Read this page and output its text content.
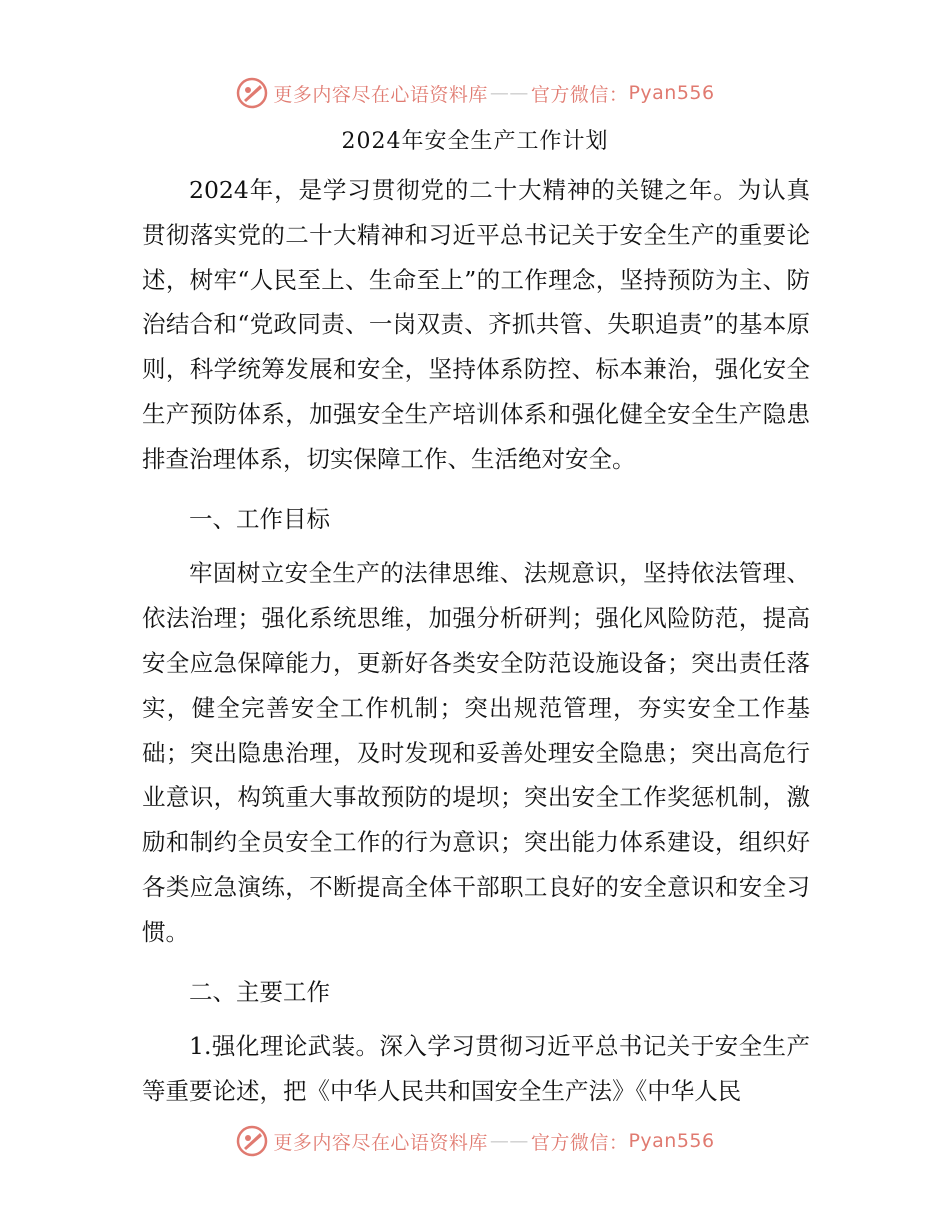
更多内容尽在心语资料库 —— 官方微信： Pyan556
2024年安全生产工作计划

2024年，是学习贯彻党的二十大精神的关键之年。为认真贯彻落实党的二十大精神和习近平总书记关于安全生产的重要论述，树牢“人民至上、生命至上”的工作理念，坚持预防为主、防治结合和“党政同责、一岗双责、齐抓共管、失职追责”的基本原则，科学统筹发展和安全，坚持体系防控、标本兼治，强化安全生产预防体系，加强安全生产培训体系和强化健全安全生产隐患排查治理体系，切实保障工作、生活绝对安全。

一、工作目标

牢固树立安全生产的法律思维、法规意识，坚持依法管理、依法治理；强化系统思维，加强分析研判；强化风险防范，提高安全应急保障能力，更新好各类安全防范设施设备；突出责任落实，健全完善安全工作机制；突出规范管理，夯实安全工作基础；突出隐患治理，及时发现和妥善处理安全隐患；突出高危行业意识，构筑重大事故预防的堤坝；突出安全工作奖惩机制，激励和制约全员安全工作的行为意识；突出能力体系建设，组织好各类应急演练，不断提高全体干部职工良好的安全意识和安全习惯。

二、主要工作

1.强化理论武装。深入学习贯彻习近平总书记关于安全生产等重要论述，把《中华人民共和国安全生产法》《中华人民

更多内容尽在心语资料库 —— 官方微信： Pyan556
